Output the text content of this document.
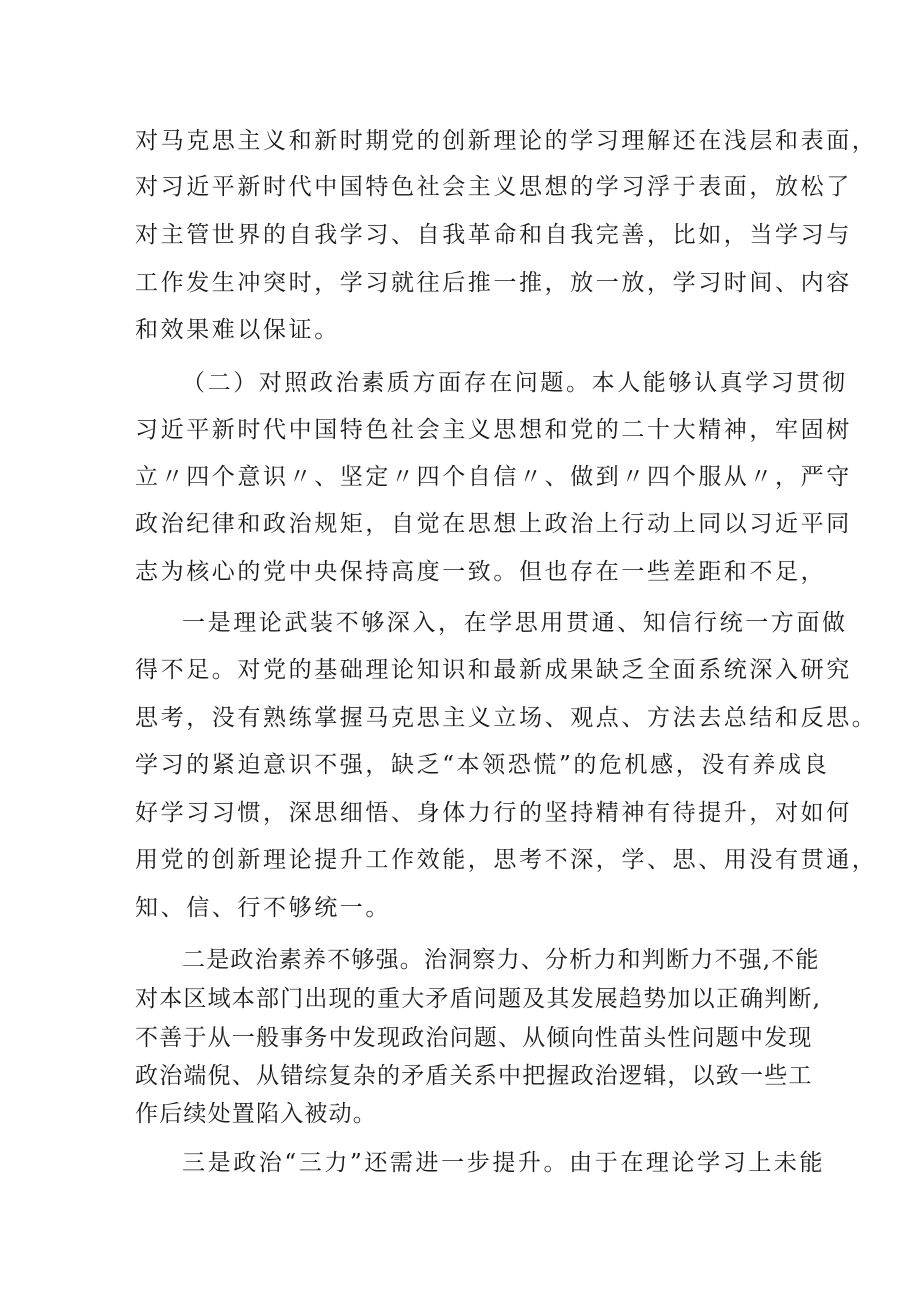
对马克思主义和新时期党的创新理论的学习理解还在浅层和表面，
对习近平新时代中国特色社会主义思想的学习浮于表面，放松了
对主管世界的自我学习、自我革命和自我完善，比如，当学习与
工作发生冲突时，学习就往后推一推，放一放，学习时间、内容
和效果难以保证。
（二）对照政治素质方面存在问题。本人能够认真学习贯彻
习近平新时代中国特色社会主义思想和党的二十大精神，牢固树
立〃四个意识〃、坚定〃四个自信〃、做到〃四个服从〃，严守
政治纪律和政治规矩，自觉在思想上政治上行动上同以习近平同
志为核心的党中央保持高度一致。但也存在一些差距和不足，
一是理论武装不够深入，在学思用贯通、知信行统一方面做
得不足。对党的基础理论知识和最新成果缺乏全面系统深入研究
思考，没有熟练掌握马克思主义立场、观点、方法去总结和反思。
学习的紧迫意识不强，缺乏“本领恐慌”的危机感，没有养成良
好学习习惯，深思细悟、身体力行的坚持精神有待提升，对如何
用党的创新理论提升工作效能，思考不深，学、思、用没有贯通，
知、信、行不够统一。
二是政治素养不够强。治洞察力、分析力和判断力不强,不能
对本区域本部门出现的重大矛盾问题及其发展趋势加以正确判断,
不善于从一般事务中发现政治问题、从倾向性苗头性问题中发现
政治端倪、从错综复杂的矛盾关系中把握政治逻辑，以致一些工
作后续处置陷入被动。
三是政治“三力”还需进一步提升。由于在理论学习上未能
